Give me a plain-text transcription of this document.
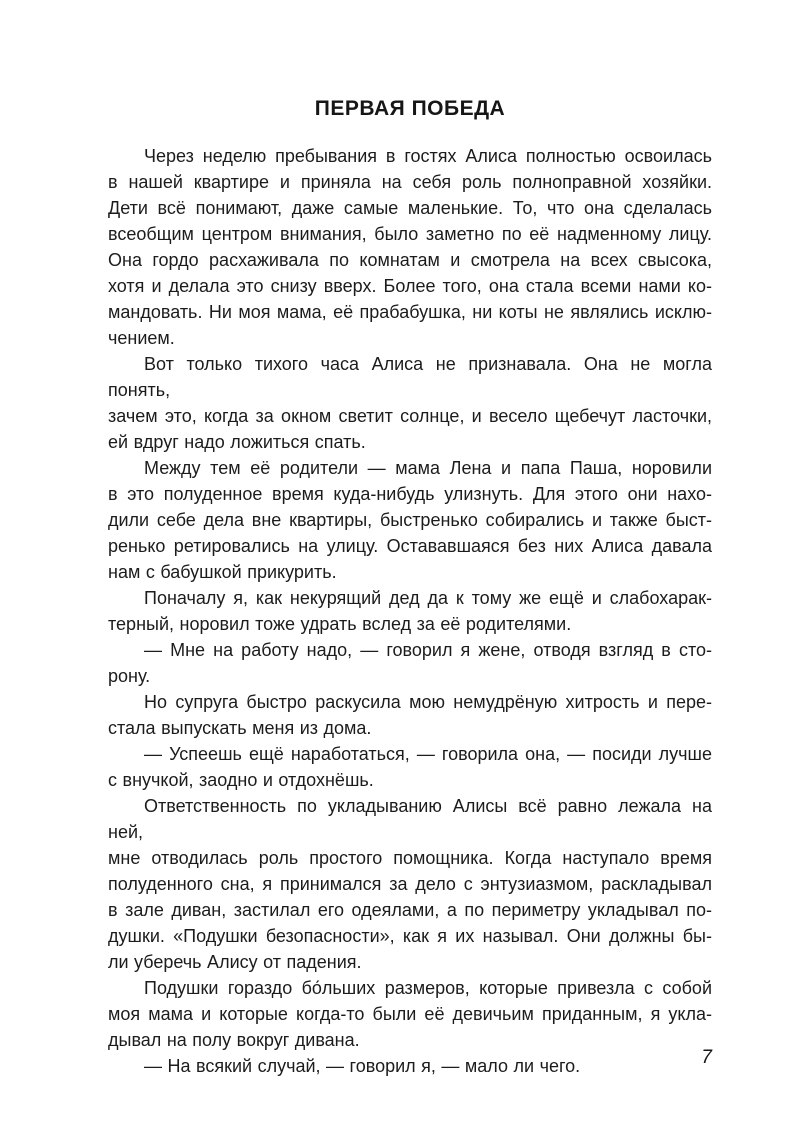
ПЕРВАЯ ПОБЕДА
Через неделю пребывания в гостях Алиса полностью освоилась
в нашей квартире и приняла на себя роль полноправной хозяйки.
Дети всё понимают, даже самые маленькие. То, что она сделалась
всеобщим центром внимания, было заметно по её надменному лицу.
Она гордо расхаживала по комнатам и смотрела на всех свысока,
хотя и делала это снизу вверх. Более того, она стала всеми нами ко-
мандовать. Ни моя мама, её прабабушка, ни коты не являлись исклю-
чением.
Вот только тихого часа Алиса не признавала. Она не могла понять,
зачем это, когда за окном светит солнце, и весело щебечут ласточки,
ей вдруг надо ложиться спать.
Между тем её родители — мама Лена и папа Паша, норовили
в это полуденное время куда-нибудь улизнуть. Для этого они нахо-
дили себе дела вне квартиры, быстренько собирались и также быст-
ренько ретировались на улицу. Остававшаяся без них Алиса давала
нам с бабушкой прикурить.
Поначалу я, как некурящий дед да к тому же ещё и слабохарак-
терный, норовил тоже удрать вслед за её родителями.
— Мне на работу надо, — говорил я жене, отводя взгляд в сто-
рону.
Но супруга быстро раскусила мою немудрёную хитрость и пере-
стала выпускать меня из дома.
— Успеешь ещё наработаться, — говорила она, — посиди лучше
с внучкой, заодно и отдохнёшь.
Ответственность по укладыванию Алисы всё равно лежала на ней,
мне отводилась роль простого помощника. Когда наступало время
полуденного сна, я принимался за дело с энтузиазмом, раскладывал
в зале диван, застилал его одеялами, а по периметру укладывал по-
душки. «Подушки безопасности», как я их называл. Они должны бы-
ли уберечь Алису от падения.
Подушки гораздо бо́льших размеров, которые привезла с собой
моя мама и которые когда-то были её девичьим приданным, я укла-
дывал на полу вокруг дивана.
— На всякий случай, — говорил я, — мало ли чего.	7
